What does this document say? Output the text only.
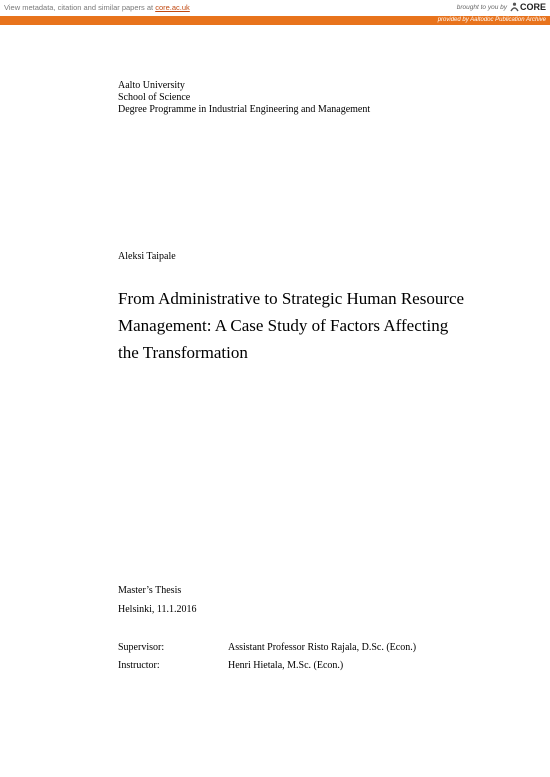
View metadata, citation and similar papers at core.ac.uk	brought to you by CORE
provided by Aaltodoc Publication Archive
Aalto University
School of Science
Degree Programme in Industrial Engineering and Management
Aleksi Taipale
From Administrative to Strategic Human Resource
Management: A Case Study of Factors Affecting
the Transformation
Master’s Thesis
Helsinki, 11.1.2016
Supervisor:	Assistant Professor Risto Rajala, D.Sc. (Econ.)
Instructor:	Henri Hietala, M.Sc. (Econ.)
